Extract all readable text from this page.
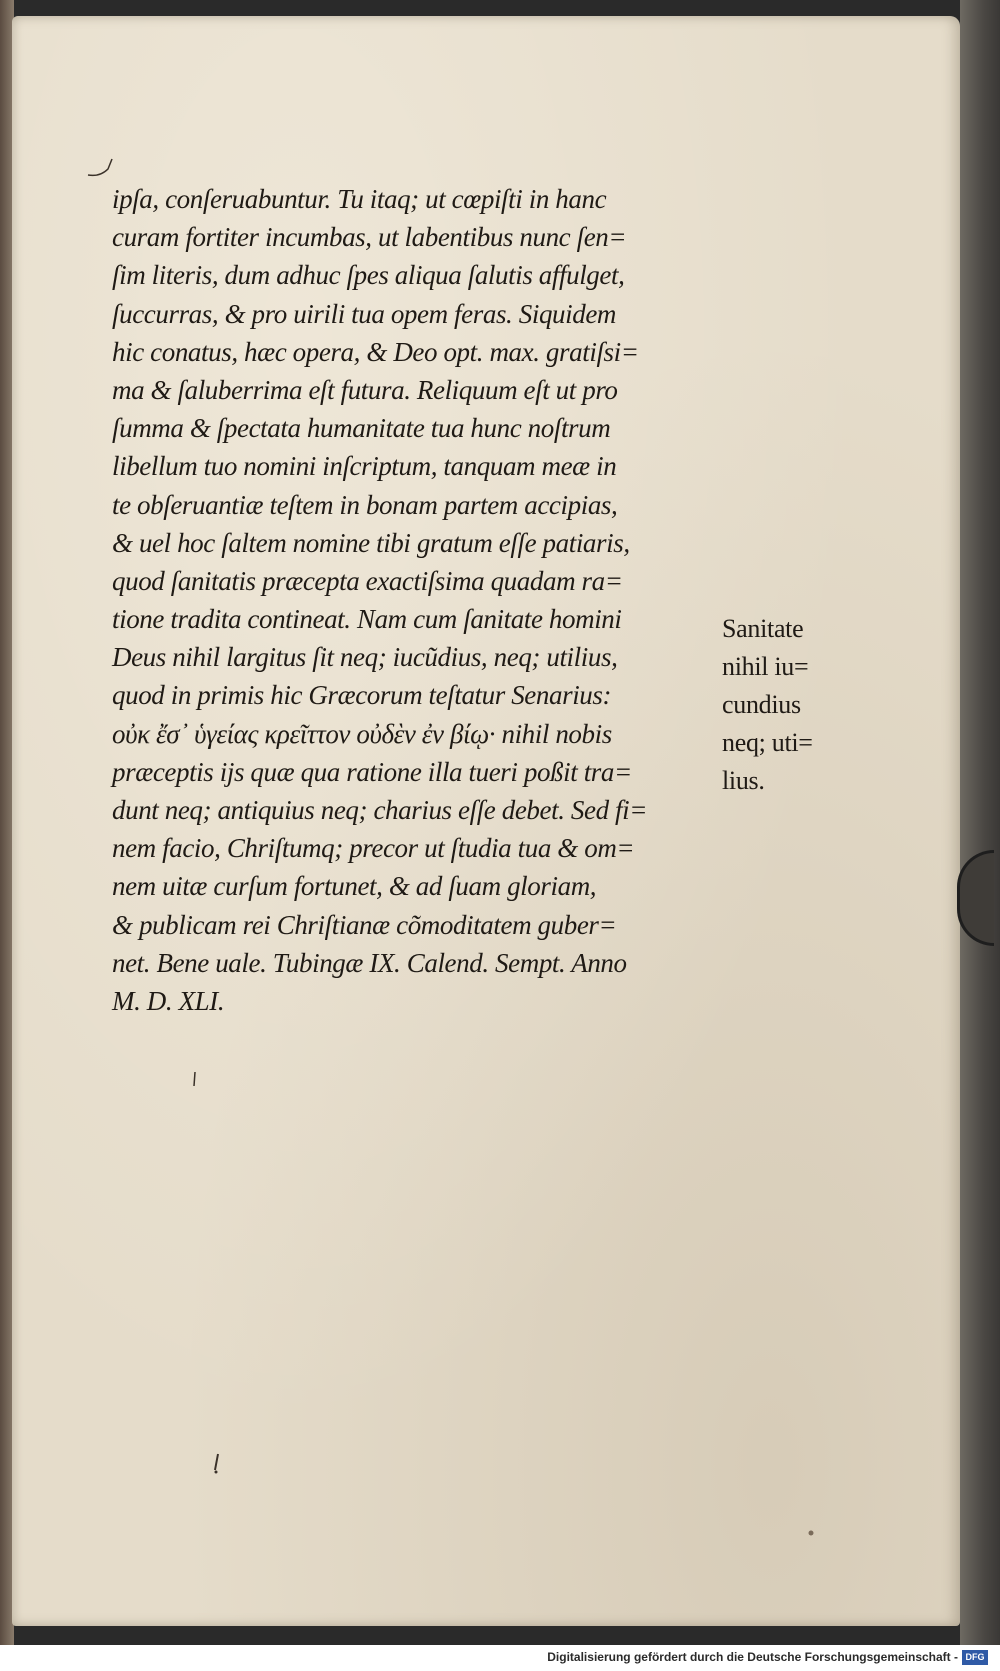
ipſa, conſeruabuntur. Tu itaq; ut cœpiſti in hanc
curam fortiter incumbas, ut labentibus nunc ſen=
ſim literis, dum adhuc ſpes aliqua ſalutis affulget,
ſuccurras, & pro uirili tua opem feras. Siquidem
hic conatus, hæc opera, & Deo opt. max. gratiſsi=
ma & ſaluberrima eſt futura. Reliquum eſt ut pro
ſumma & ſpectata humanitate tua hunc noſtrum
libellum tuo nomini inſcriptum, tanquam meæ in
te obſeruantiæ teſtem in bonam partem accipias,
& uel hoc ſaltem nomine tibi gratum eſſe patiaris,
quod ſanitatis præcepta exactiſsima quadam ra=
tione tradita contineat. Nam cum ſanitate homini
Deus nihil largitus ſit neq; iucũdius, neq; utilius,
quod in primis hic Græcorum teſtatur Senarius:
οὐκ ἔσ᾽ ὑγείας κρεῖττον οὐδὲν ἐν βίῳ· nihil nobis
præceptis iјs quæ qua ratione illa tueri poßit tra=
dunt neq; antiquius neq; charius eſſe debet. Sed fi=
nem facio, Chriſtumq; precor ut ſtudia tua & om=
nem uitæ curſum fortunet, & ad ſuam gloriam,
& publicam rei Chriſtianæ cõmoditatem guber=
net. Bene uale. Tubingæ IX. Calend. Sempt. Anno
M. D. XLI.
Sanitate
nihil iu=
cundius
neq; uti=
lius.
Digitalisierung gefördert durch die Deutsche Forschungsgemeinschaft - DFG
